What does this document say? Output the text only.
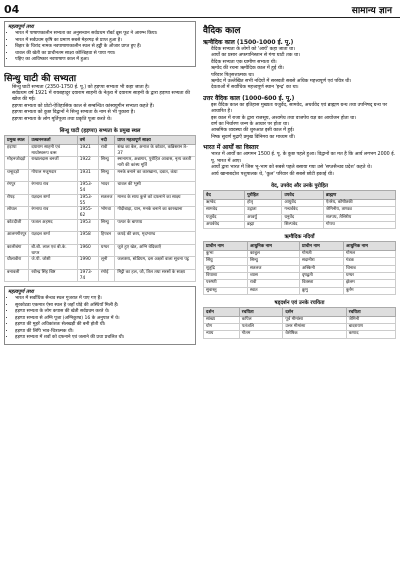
04	सामान्य ज्ञान
महत्वपूर्ण तथ्य
• भारत में पाषाणकालीन सभ्यता का अनुसन्धान सर्वप्रथम रॉबर्ट ब्रूस फूट ने आरम्भ किया।
• भारत में सर्वप्रथम कृषि का प्रमाण सबसे मेहरगढ़ से प्राप्त हुआ है।
• बिहार के चिरांद नामक नवपाषाणकालीन स्थल से हड्डी के औजार प्राप्त हुए हैं।
• चावल की खेती का प्राचीनतम साक्ष्य कोल्डिहवा से पाया गया।
• पहिए का आविष्कार नवपाषाण काल में हुआ।
सिन्धु घाटी की सभ्यता
• सिन्धु घाटी सभ्यता (2350-1750 ई. पू.) को हड़प्पा सभ्यता भी कहा जाता है।
• सर्वप्रथम वर्ष 1921 में रायबहादुर दयाराम साहनी के नेतृत्व में दयाराम साहनी के द्वारा हड़प्पा सभ्यता की खोज की गई।
• हड़प्पा सभ्यता को प्रोटो-ऐतिहासिक काल से सम्बन्धित कांस्ययुगीन सभ्यता कहते हैं।
• हड़प्पा सभ्यता को कुछ विद्वानों ने सिन्धु सभ्यता के नाम से भी पुकारा है।
• हड़प्पा सभ्यता के लोग मूर्तिपूजा तथा प्रकृति पूजा करते थे।
सिन्धु घाटी (हड़प्पा) सभ्यता के प्रमुख स्थल
प्रमुख स्थल	उत्खननकर्ता	वर्ष	नदी	प्राप्त महत्वपूर्ण साक्ष्य
हड़प्पा	दयाराम साहनी एवं माधोस्वरूप वत्स	1921	रावी	शंख का बैल, अनाज के कोठार, कब्रिस्तान R-37
मोहनजोदड़ो	राखालदास बनर्जी	1922	सिन्धु	स्नानागार, अन्नागार, पुरोहित आवास, नृत्य करती नारी की कांस्य मूर्ति
चन्हूदड़ो	गोपाल मजूमदार	1931	सिन्धु	मनके बनाने का कारखाना, दवात, कंघा
रंगपुर	रंगनाथ राव	1953-54	भादर	चावल की भूसी
रोपड़	यज्ञदत्त शर्मा	1953-55	सतलज	मानव के साथ कुत्ते को दफनाने का साक्ष्य
लोथल	रंगनाथ राव	1955-62	भोगवा	गोदीबाड़ा, धान, मनके बनाने का कारखाना
कोटदीजी	फजल अहमद	1953	सिन्धु	पत्थर के बाणाग्र
आलमगीरपुर	यज्ञदत्त शर्मा	1958	हिण्डन	कपड़े की छाप, मृदभाण्ड
कालीबंगा	बी.बी. लाल एवं बी.के. थापर	1960	घग्घर	जुते हुए खेत, अग्नि वेदिकाएँ
धौलावीरा	जे.पी. जोशी	1990	लूनी	जलाशय, स्टेडियम, दस अक्षरों वाला सूचना पट्ट
बनावली	रवीन्द्र सिंह बिष्ट	1973-74	रंगोई	मिट्टी का हल, जौ, तिल तथा सरसों के साक्ष्य
महत्वपूर्ण तथ्य
• भारत में सर्वाधिक सैन्धव स्थल गुजरात में पाए गए हैं।
• सुरकोटडा एकमात्र ऐसा स्थल है जहाँ घोड़े की अस्थियाँ मिली हैं।
• हड़प्पा सभ्यता के लोग कपास की खेती सर्वप्रथम करते थे।
• हड़प्पा सभ्यता से अग्नि पूजा (अग्निकुण्ड) 16 के अनुपात में थे।
• हड़प्पा की मुहरें अधिकांशतः सेलखड़ी की बनी होती थीं।
• हड़प्पा की लिपि भाव-चित्रात्मक थी।
• हड़प्पा सभ्यता में शवों को दफनाने एवं जलाने की प्रथा प्रचलित थी।
वैदिक काल
ऋग्वैदिक काल (1500-1000 ई. पू.)
• वैदिक सभ्यता के लोगों को 'आर्य' कहा जाता था।
• आर्यों का प्रसार अफगानिस्तान से गंगा घाटी तक था।
• वैदिक सभ्यता एक ग्रामीण सभ्यता थी।
• ऋग्वेद की रचना ऋग्वैदिक काल में हुई थी।
• परिवार पितृसत्तात्मक था।
• ऋग्वेद में उल्लेखित सभी नदियों में सरस्वती सबसे अधिक महत्त्वपूर्ण एवं पवित्र थी।
• देवताओं में सर्वाधिक महत्त्वपूर्ण स्थान 'इन्द्र' का था।
उत्तर वैदिक काल (1000-600 ई. पू.)
• इस वैदिक काल का इतिहास मुख्यतः यजुर्वेद, सामवेद, अथर्ववेद एवं ब्राह्मण ग्रन्थ तथा उपनिषद् ग्रन्थ पर आधारित है।
• इस काल में राजा के द्वारा राजसूय, अश्वमेध तथा वाजपेय यज्ञ का आयोजन होता था।
• वर्ण का निर्धारण जन्म के आधार पर होता था।
• आश्रमिक व्यवस्था की शुरुआत इसी काल में हुई।
• निष्क सुवर्ण मुद्राएँ प्रमुख विनिमय का माध्यम थीं।
भारत में आर्यों का विस्तार
• भारत में आर्यों का आगमन 1500 ई. पू. के कुछ पहले हुआ। विद्वानों का मत है कि आर्य लगभग 2000 ई. पू. भारत में आए।
• आर्यों द्वारा भारत में जिस भू-भाग को सबसे पहले बसाया गया उसे 'सप्तसैन्धव प्रदेश' कहते थे।
• आर्य खानाबदोश पशुपालक थे, 'कुल' परिवार की सबसे छोटी इकाई थी।
वेद, उपवेद और उनके पुरोहित
वेद	पुरोहित	उपवेद	ब्राह्मण
ऋग्वेद	होतृ	आयुर्वेद	ऐतरेय, कौषीतकी
सामवेद	उद्गाता	गन्धर्ववेद	जैमिनीय, ताण्ड्य
यजुर्वेद	अध्वर्यु	धनुर्वेद	शतपथ, तैत्तिरीय
अथर्ववेद	ब्रह्मा	शिल्पवेद	गोपथ
ऋग्वैदिक नदियाँ
प्राचीन नाम	आधुनिक नाम	प्राचीन नाम	आधुनिक नाम
कुभा	काबुल	गोमती	गोमल
सिंधु	सिन्धु	सदानीरा	गंडक
शुतुद्रि	सतलज	अस्किनी	चिनाब
विपाशा	व्यास	दृषद्वती	घग्घर
परुष्णी	रावी	वितस्ता	झेलम
सुवास्तु	स्वात	क्रुमु	कुर्रम
षड्दर्शन एवं उनके रचयिता
दर्शन	रचयिता	दर्शन	रचयिता
सांख्य	कपिल	पूर्व मीमांसा	जैमिनी
योग	पतंजलि	उत्तर मीमांसा	बादरायण
न्याय	गौतम	वैशेषिक	कणाद
